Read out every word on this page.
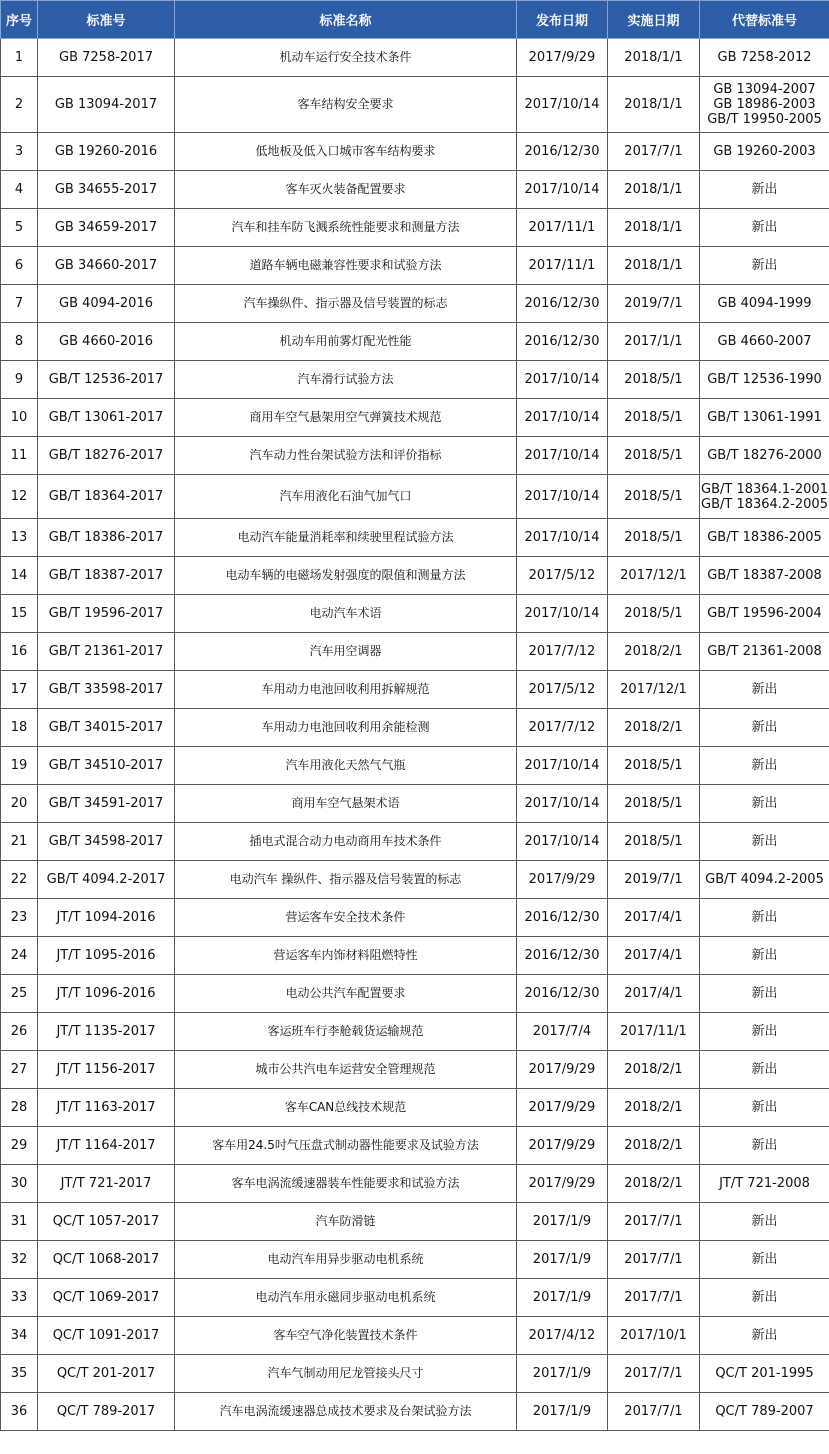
序号	标准号	标准名称	发布日期	实施日期	代替标准号
1	GB 7258-2017	机动车运行安全技术条件	2017/9/29	2018/1/1	GB 7258-2012

2	GB 13094-2017	客车结构安全要求	2017/10/14	2018/1/1	GB 13094-2007
GB 18986-2003
GB/T 19950-2005

3	GB 19260-2016	低地板及低入口城市客车结构要求	2016/12/30	2017/7/1	GB 19260-2003

4	GB 34655-2017	客车灭火装备配置要求	2017/10/14	2018/1/1	新出

5	GB 34659-2017	汽车和挂车防飞溅系统性能要求和测量方法	2017/11/1	2018/1/1	新出

6	GB 34660-2017	道路车辆电磁兼容性要求和试验方法	2017/11/1	2018/1/1	新出

7	GB 4094-2016	汽车操纵件、指示器及信号装置的标志	2016/12/30	2019/7/1	GB 4094-1999

8	GB 4660-2016	机动车用前雾灯配光性能	2016/12/30	2017/1/1	GB 4660-2007

9	GB/T 12536-2017	汽车滑行试验方法	2017/10/14	2018/5/1	GB/T 12536-1990

10	GB/T 13061-2017	商用车空气悬架用空气弹簧技术规范	2017/10/14	2018/5/1	GB/T 13061-1991

11	GB/T 18276-2017	汽车动力性台架试验方法和评价指标	2017/10/14	2018/5/1	GB/T 18276-2000

12	GB/T 18364-2017	汽车用液化石油气加气口	2017/10/14	2018/5/1	GB/T 18364.1-2001
GB/T 18364.2-2005

13	GB/T 18386-2017	电动汽车能量消耗率和续驶里程试验方法	2017/10/14	2018/5/1	GB/T 18386-2005

14	GB/T 18387-2017	电动车辆的电磁场发射强度的限值和测量方法	2017/5/12	2017/12/1	GB/T 18387-2008

15	GB/T 19596-2017	电动汽车术语	2017/10/14	2018/5/1	GB/T 19596-2004

16	GB/T 21361-2017	汽车用空调器	2017/7/12	2018/2/1	GB/T 21361-2008

17	GB/T 33598-2017	车用动力电池回收利用拆解规范	2017/5/12	2017/12/1	新出

18	GB/T 34015-2017	车用动力电池回收利用余能检测	2017/7/12	2018/2/1	新出

19	GB/T 34510-2017	汽车用液化天然气气瓶	2017/10/14	2018/5/1	新出

20	GB/T 34591-2017	商用车空气悬架术语	2017/10/14	2018/5/1	新出

21	GB/T 34598-2017	插电式混合动力电动商用车技术条件	2017/10/14	2018/5/1	新出

22	GB/T 4094.2-2017	电动汽车 操纵件、指示器及信号装置的标志	2017/9/29	2019/7/1	GB/T 4094.2-2005

23	JT/T 1094-2016	营运客车安全技术条件	2016/12/30	2017/4/1	新出

24	JT/T 1095-2016	营运客车内饰材料阻燃特性	2016/12/30	2017/4/1	新出

25	JT/T 1096-2016	电动公共汽车配置要求	2016/12/30	2017/4/1	新出

26	JT/T 1135-2017	客运班车行李舱载货运输规范	2017/7/4	2017/11/1	新出

27	JT/T 1156-2017	城市公共汽电车运营安全管理规范	2017/9/29	2018/2/1	新出

28	JT/T 1163-2017	客车CAN总线技术规范	2017/9/29	2018/2/1	新出

29	JT/T 1164-2017	客车用24.5吋气压盘式制动器性能要求及试验方法	2017/9/29	2018/2/1	新出

30	JT/T 721-2017	客车电涡流缓速器装车性能要求和试验方法	2017/9/29	2018/2/1	JT/T 721-2008

31	QC/T 1057-2017	汽车防滑链	2017/1/9	2017/7/1	新出

32	QC/T 1068-2017	电动汽车用异步驱动电机系统	2017/1/9	2017/7/1	新出

33	QC/T 1069-2017	电动汽车用永磁同步驱动电机系统	2017/1/9	2017/7/1	新出

34	QC/T 1091-2017	客车空气净化装置技术条件	2017/4/12	2017/10/1	新出

35	QC/T 201-2017	汽车气制动用尼龙管接头尺寸	2017/1/9	2017/7/1	QC/T 201-1995

36	QC/T 789-2017	汽车电涡流缓速器总成技术要求及台架试验方法	2017/1/9	2017/7/1	QC/T 789-2007
